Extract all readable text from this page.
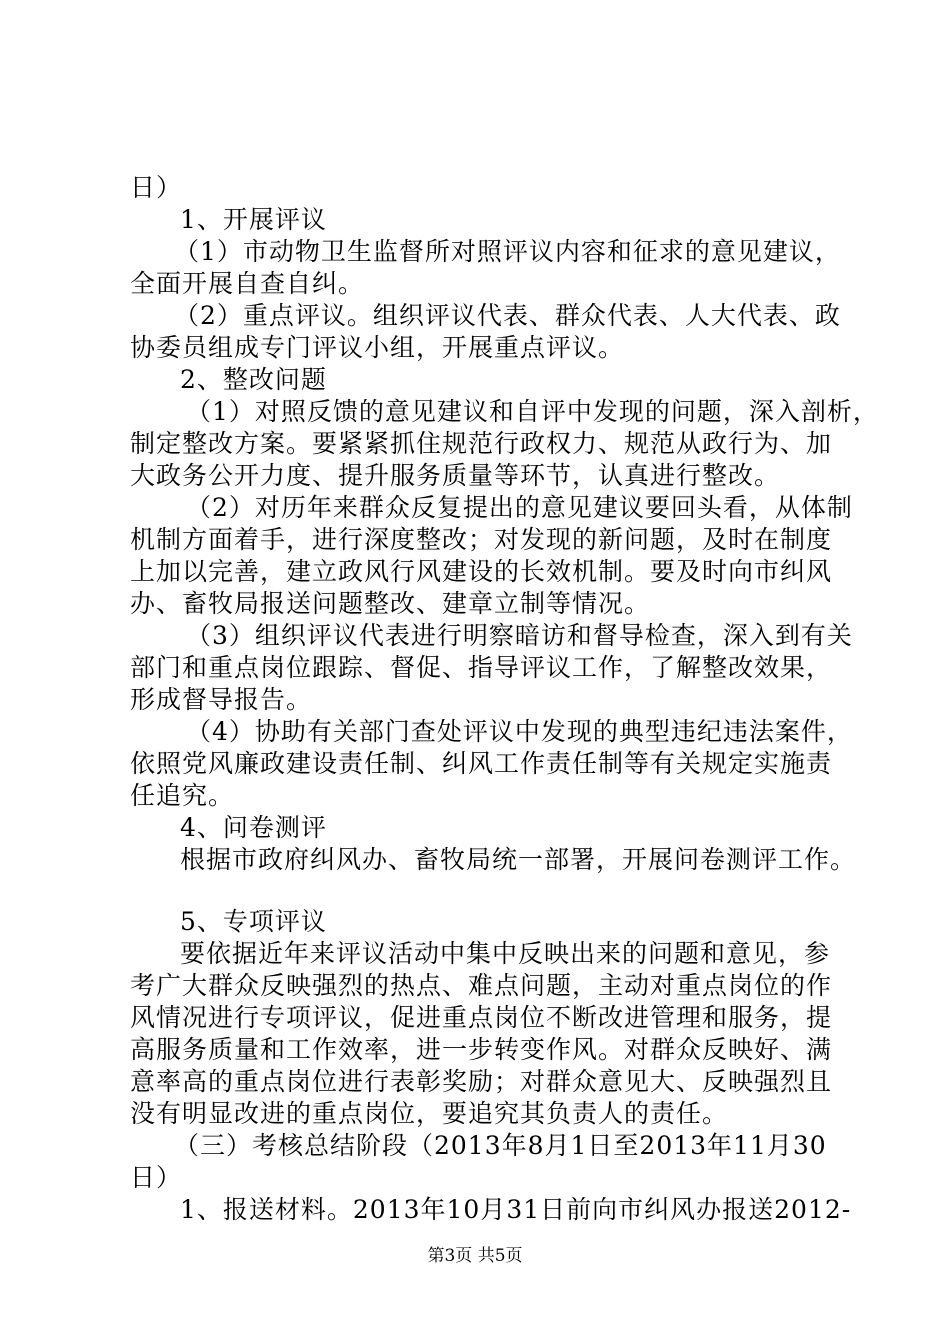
日）
1、开展评议
（1）市动物卫生监督所对照评议内容和征求的意见建议，
全面开展自查自纠。
（2）重点评议。组织评议代表、群众代表、人大代表、政
协委员组成专门评议小组，开展重点评议。
2、整改问题
（1）对照反馈的意见建议和自评中发现的问题，深入剖析，
制定整改方案。要紧紧抓住规范行政权力、规范从政行为、加
大政务公开力度、提升服务质量等环节，认真进行整改。
（2）对历年来群众反复提出的意见建议要回头看，从体制
机制方面着手，进行深度整改；对发现的新问题，及时在制度
上加以完善，建立政风行风建设的长效机制。要及时向市纠风
办、畜牧局报送问题整改、建章立制等情况。
（3）组织评议代表进行明察暗访和督导检查，深入到有关
部门和重点岗位跟踪、督促、指导评议工作，了解整改效果，
形成督导报告。
（4）协助有关部门查处评议中发现的典型违纪违法案件，
依照党风廉政建设责任制、纠风工作责任制等有关规定实施责
任追究。
4、问卷测评
根据市政府纠风办、畜牧局统一部署，开展问卷测评工作。
5、专项评议
要依据近年来评议活动中集中反映出来的问题和意见，参
考广大群众反映强烈的热点、难点问题，主动对重点岗位的作
风情况进行专项评议，促进重点岗位不断改进管理和服务，提
高服务质量和工作效率，进一步转变作风。对群众反映好、满
意率高的重点岗位进行表彰奖励；对群众意见大、反映强烈且
没有明显改进的重点岗位，要追究其负责人的责任。
（三）考核总结阶段（2013年8月1日至2013年11月30
日）
1、报送材料。2013年10月31日前向市纠风办报送2012-
第3页 共5页
